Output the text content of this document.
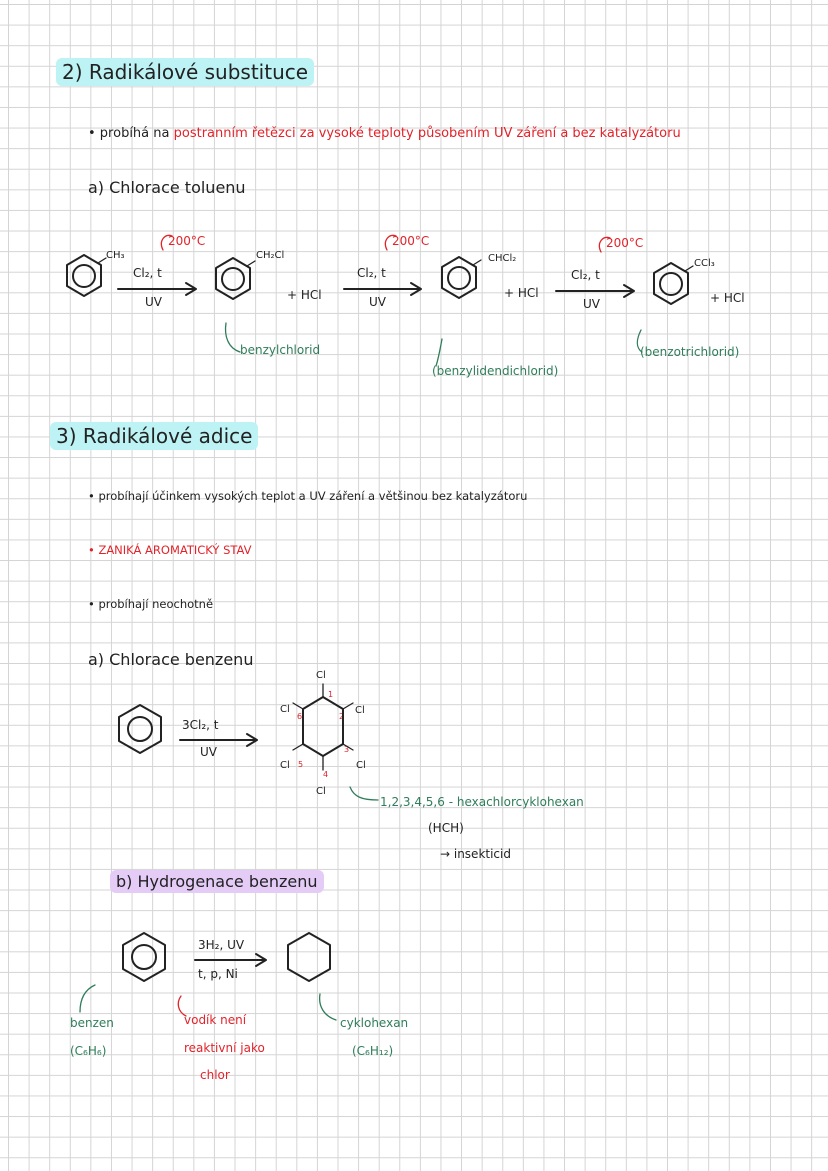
2) Radikálové substituce
• probíhá na postranním řetězci za vysoké teploty působením UV záření a bez katalyzátoru
a) Chlorace toluenu
CH₃
200°C
Cl₂, t
UV
CH₂Cl
+ HCl
benzylchlorid
200°C
Cl₂, t
UV
CHCl₂
+ HCl
(benzylidendichlorid)
200°C
Cl₂, t
UV
CCl₃
+ HCl
(benzotrichlorid)
3) Radikálové adice
• probíhají účinkem vysokých teplot a UV záření a většinou bez katalyzátoru
• ZANIKÁ AROMATICKÝ STAV
• probíhají neochotně
a) Chlorace benzenu
3Cl₂, t
UV
Cl
Cl	Cl
Cl	Cl
Cl
1
2
3
4
5
6
1,2,3,4,5,6 - hexachlorcyklohexan
(HCH)
→ insekticid
b) Hydrogenace benzenu
3H₂, UV
t, p, Ni
benzen
(C₆H₆)
vodík není
reaktivní jako
chlor
cyklohexan
(C₆H₁₂)
